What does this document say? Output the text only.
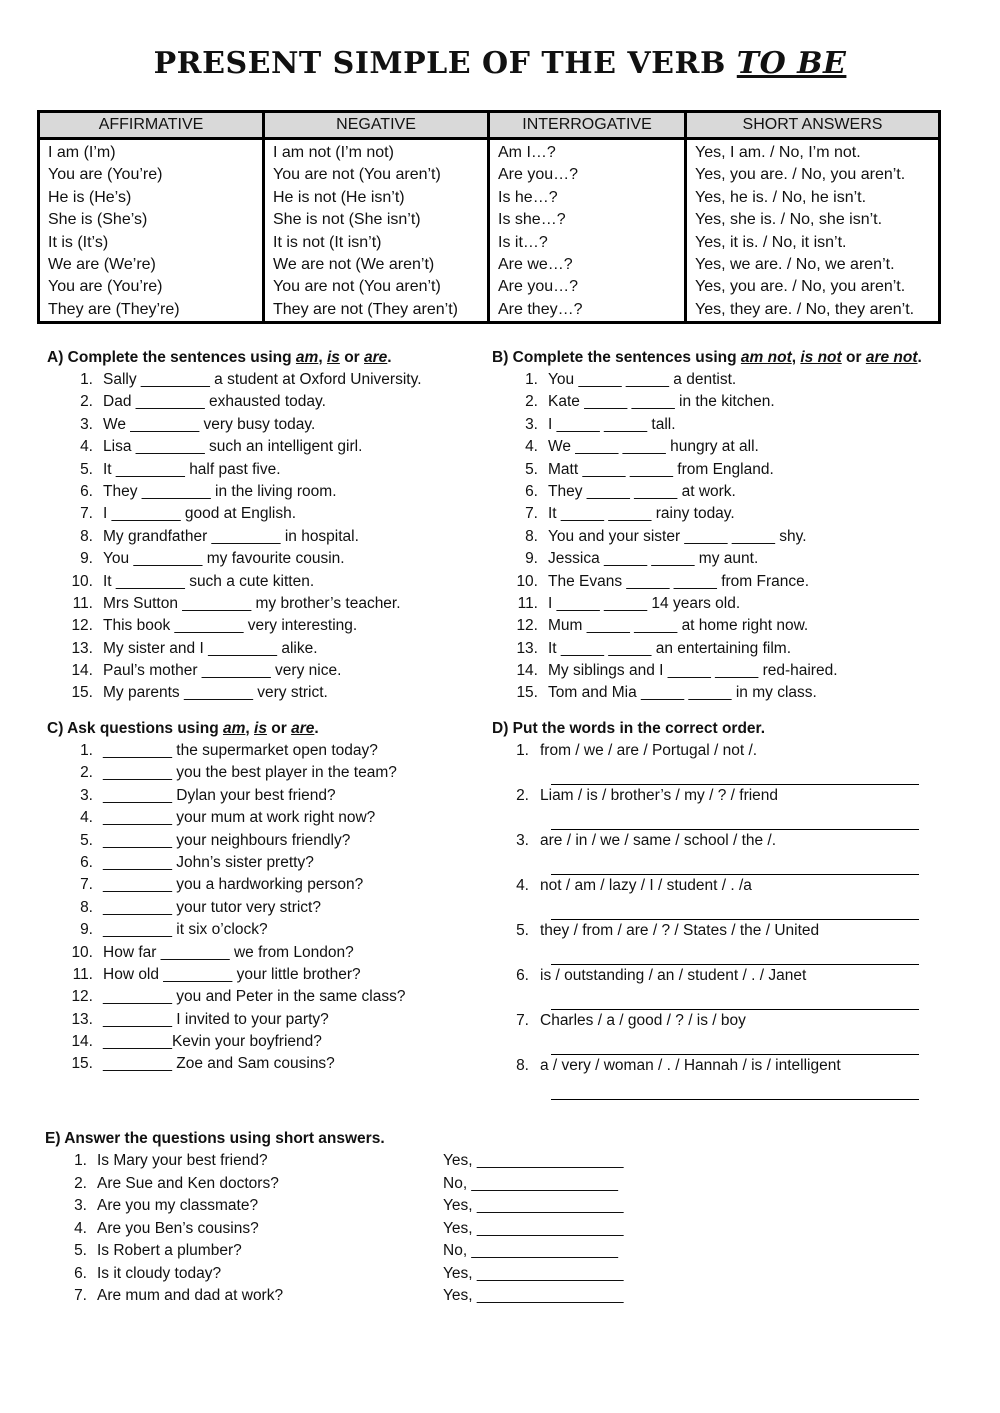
PRESENT SIMPLE OF THE VERB TO BE
AFFIRMATIVE	NEGATIVE	INTERROGATIVE	SHORT ANSWERS
I am (I’m)	I am not (I’m not)	Am I…?	Yes, I am. / No, I’m not.
You are (You’re)	You are not (You aren’t)	Are you…?	Yes, you are. / No, you aren’t.
He is (He’s)	He is not (He isn’t)	Is he…?	Yes, he is. / No, he isn’t.
She is (She’s)	She is not (She isn’t)	Is she…?	Yes, she is. / No, she isn’t.
It is (It’s)	It is not (It isn’t)	Is it…?	Yes, it is. / No, it isn’t.
We are (We’re)	We are not (We aren’t)	Are we…?	Yes, we are. / No, we aren’t.
You are (You’re)	You are not (You aren’t)	Are you…?	Yes, you are. / No, you aren’t.
They are (They’re)	They are not (They aren’t)	Are they…?	Yes, they are. / No, they aren’t.
A) Complete the sentences using am, is or are.
1. Sally ________ a student at Oxford University.
2. Dad ________ exhausted today.
3. We ________ very busy today.
4. Lisa ________ such an intelligent girl.
5. It ________ half past five.
6. They ________ in the living room.
7. I ________ good at English.
8. My grandfather ________ in hospital.
9. You ________ my favourite cousin.
10. It ________ such a cute kitten.
11. Mrs Sutton ________ my brother’s teacher.
12. This book ________ very interesting.
13. My sister and I ________ alike.
14. Paul’s mother ________ very nice.
15. My parents ________ very strict.
B) Complete the sentences using am not, is not or are not.
1. You _____ _____ a dentist.
2. Kate _____ _____ in the kitchen.
3. I _____ _____ tall.
4. We _____ _____ hungry at all.
5. Matt _____ _____ from England.
6. They _____ _____ at work.
7. It _____ _____ rainy today.
8. You and your sister _____ _____ shy.
9. Jessica _____ _____ my aunt.
10. The Evans _____ _____ from France.
11. I _____ _____ 14 years old.
12. Mum _____ _____ at home right now.
13. It _____ _____ an entertaining film.
14. My siblings and I _____ _____ red-haired.
15. Tom and Mia _____ _____ in my class.
C) Ask questions using am, is or are.
1. ________ the supermarket open today?
2. ________ you the best player in the team?
3. ________ Dylan your best friend?
4. ________ your mum at work right now?
5. ________ your neighbours friendly?
6. ________ John’s sister pretty?
7. ________ you a hardworking person?
8. ________ your tutor very strict?
9. ________ it six o’clock?
10. How far ________ we from London?
11. How old ________ your little brother?
12. ________ you and Peter in the same class?
13. ________ I invited to your party?
14. ________Kevin your boyfriend?
15. ________ Zoe and Sam cousins?
D) Put the words in the correct order.
1. from / we / are / Portugal / not /.
2. Liam / is / brother’s / my / ? / friend
3. are / in / we / same / school / the /.
4. not / am / lazy / I / student / . /a
5. they / from / are / ? / States / the / United
6. is / outstanding / an / student / . / Janet
7. Charles / a / good / ? / is / boy
8. a / very / woman / . / Hannah / is / intelligent
E) Answer the questions using short answers.
1. Is Mary your best friend?	Yes, _________________
2. Are Sue and Ken doctors?	No, _________________
3. Are you my classmate?	Yes, _________________
4. Are you Ben’s cousins?	Yes, _________________
5. Is Robert a plumber?	No, _________________
6. Is it cloudy today?	Yes, _________________
7. Are mum and dad at work?	Yes, _________________
